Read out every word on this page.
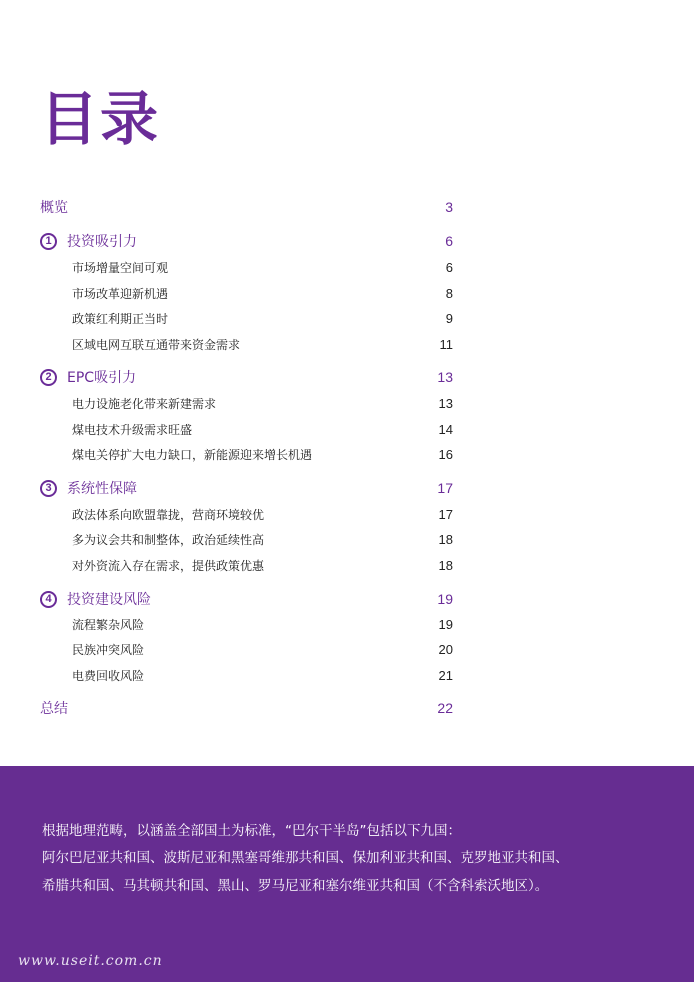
目录
概览	3
1	投资吸引力	6
市场增量空间可观	6
市场改革迎新机遇	8
政策红利期正当时	9
区域电网互联互通带来资金需求	11
2	EPC吸引力	13
电力设施老化带来新建需求	13
煤电技术升级需求旺盛	14
煤电关停扩大电力缺口，新能源迎来增长机遇	16
3	系统性保障	17
政法体系向欧盟靠拢，营商环境较优	17
多为议会共和制整体，政治延续性高	18
对外资流入存在需求，提供政策优惠	18
4	投资建设风险	19
流程繁杂风险	19
民族冲突风险	20
电费回收风险	21
总结	22

根据地理范畴，以涵盖全部国土为标准，“巴尔干半岛”包括以下九国：

阿尔巴尼亚共和国、波斯尼亚和黑塞哥维那共和国、保加利亚共和国、克罗地亚共和国、

希腊共和国、马其顿共和国、黑山、罗马尼亚和塞尔维亚共和国（不含科索沃地区）。

www.useit.com.cn
